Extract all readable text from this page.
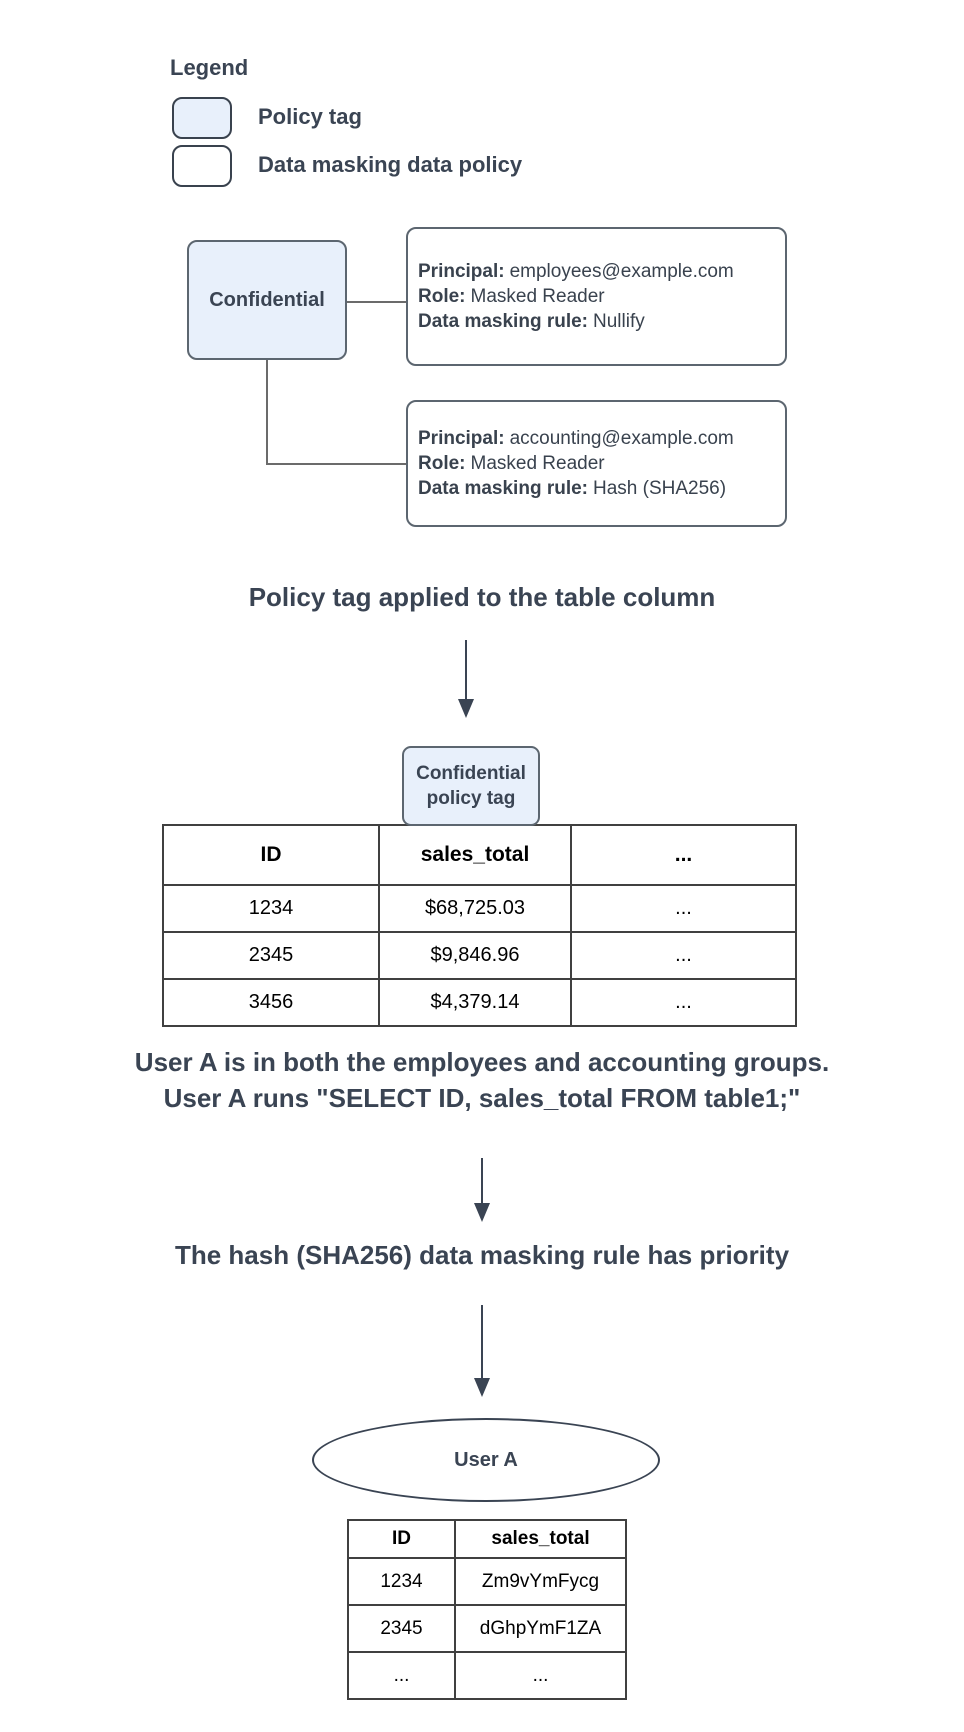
Legend
Policy tag
Data masking data policy
Confidential
Principal: employees@example.com
Role: Masked Reader
Data masking rule: Nullify
Principal: accounting@example.com
Role: Masked Reader
Data masking rule: Hash (SHA256)
Policy tag applied to the table column
Confidential
policy tag
ID	sales_total	...
1234	$68,725.03	...
2345	$9,846.96	...
3456	$4,379.14	...
User A is in both the employees and accounting groups.
User A runs "SELECT ID, sales_total FROM table1;"
The hash (SHA256) data masking rule has priority
User A
ID	sales_total
1234	Zm9vYmFycg
2345	dGhpYmF1ZA
...	...
